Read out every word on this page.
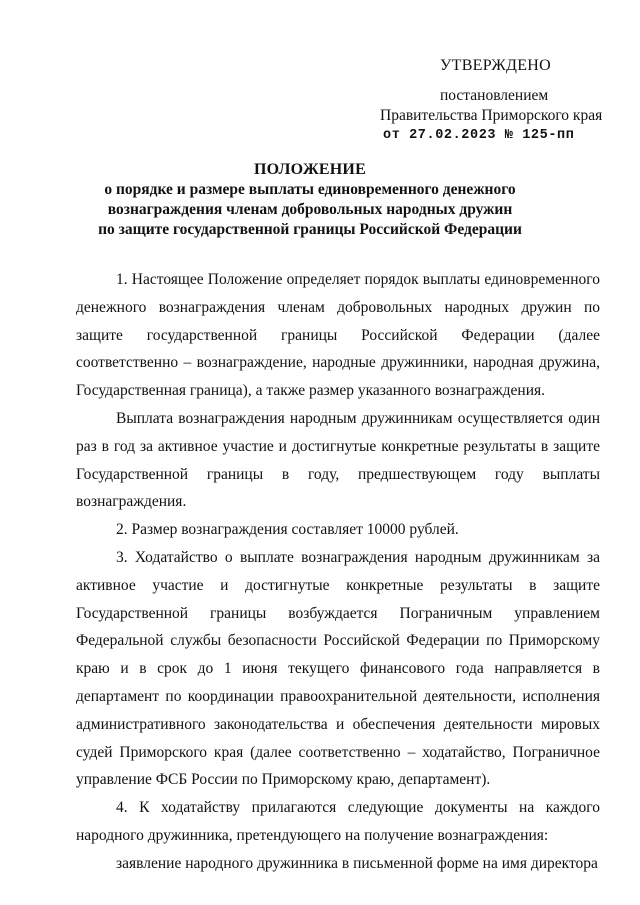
УТВЕРЖДЕНО
постановлением
Правительства Приморского края
от 27.02.2023 № 125-пп
ПОЛОЖЕНИЕ
о порядке и размере выплаты единовременного денежного
вознаграждения членам добровольных народных дружин
по защите государственной границы Российской Федерации

1. Настоящее Положение определяет порядок выплаты единовременного денежного вознаграждения членам добровольных народных дружин по защите государственной границы Российской Федерации (далее соответственно – вознаграждение, народные дружинники, народная дружина, Государственная граница), а также размер указанного вознаграждения.

Выплата вознаграждения народным дружинникам осуществляется один раз в год за активное участие и достигнутые конкретные результаты в защите Государственной границы в году, предшествующем году выплаты вознаграждения.

2. Размер вознаграждения составляет 10000 рублей.

3. Ходатайство о выплате вознаграждения народным дружинникам за активное участие и достигнутые конкретные результаты в защите Государственной границы возбуждается Пограничным управлением Федеральной службы безопасности Российской Федерации по Приморскому краю и в срок до 1 июня текущего финансового года направляется в департамент по координации правоохранительной деятельности, исполнения административного законодательства и обеспечения деятельности мировых судей Приморского края (далее соответственно – ходатайство, Пограничное управление ФСБ России по Приморскому краю, департамент).

4. К ходатайству прилагаются следующие документы на каждого народного дружинника, претендующего на получение вознаграждения:

заявление народного дружинника в письменной форме на имя директора
